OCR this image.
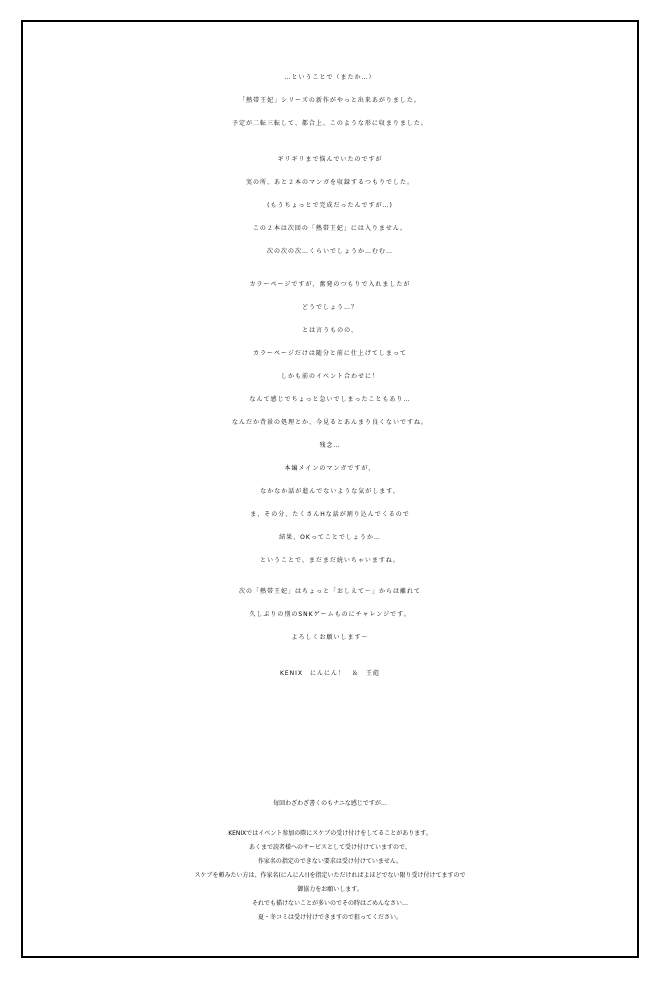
…ということで（またか…）
「熱帯王妃」シリーズの新作がやっと出来あがりました。
予定が二転三転して、都合上、このような形に収まりました。
ギリギリまで悩んでいたのですが
実の所、あと２本のマンガを収録するつもりでした。
(もうちょっとで完成だったんですが…)
この２本は次回の「熱帯王妃」には入りません。
次の次の次…くらいでしょうか…むむ…
カラーページですが、奮発のつもりで入れましたが
どうでしょう…？
とは言うものの、
カラーページだけは随分と前に仕上げてしまって
しかも前のイベント合わせに！
なんて感じでちょっと急いでしまったこともあり…
なんだか背景の処理とか、今見るとあんまり良くないですね。
残念…
本編メインのマンガですが、
なかなか話が進んでないような気がします。
ま、その分、たくさんHな話が割り込んでくるので
結果、OKってことでしょうか…
ということで、まだまだ続いちゃいますね。
次の「熱帯王妃」はちょっと「おしえて～」からは離れて
久しぶりの別のSNKゲームものにチャレンジです。
よろしくお願いします～
KENIX　にんにん！　＆　王彪
毎回わざわざ書くのもナニな感じですが…
KENIXではイベント参加の際にスケブの受け付けをしてることがあります。
あくまで読者様へのサービスとして受け付けていますので、
作家名の指定のできない要求は受け付けていません。
スケブを頼みたい方は、作家名(にんにん!)を指定いただければよほどでない限り受け付けてますので
御協力をお願いします。
それでも描けないことが多いのでその時はごめんなさい…
夏・冬コミは受け付けできますので狙ってください。
